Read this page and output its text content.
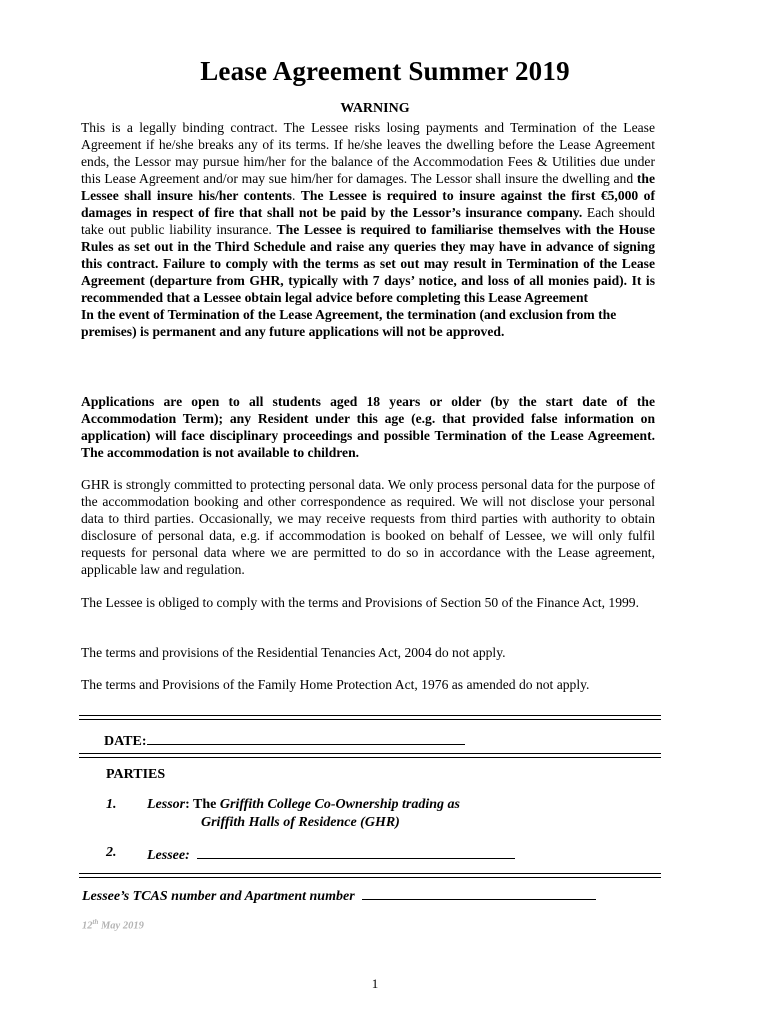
Lease Agreement Summer 2019
WARNING

This is a legally binding contract. The Lessee risks losing payments and Termination of the Lease Agreement if he/she breaks any of its terms. If he/she leaves the dwelling before the Lease Agreement ends, the Lessor may pursue him/her for the balance of the Accommodation Fees & Utilities due under this Lease Agreement and/or may sue him/her for damages. The Lessor shall insure the dwelling and the Lessee shall insure his/her contents. The Lessee is required to insure against the first €5,000 of damages in respect of fire that shall not be paid by the Lessor’s insurance company. Each should take out public liability insurance. The Lessee is required to familiarise themselves with the House Rules as set out in the Third Schedule and raise any queries they may have in advance of signing this contract. Failure to comply with the terms as set out may result in Termination of the Lease Agreement (departure from GHR, typically with 7 days’ notice, and loss of all monies paid). It is recommended that a Lessee obtain legal advice before completing this Lease Agreement

In the event of Termination of the Lease Agreement, the termination (and exclusion from the premises) is permanent and any future applications will not be approved.

Applications are open to all students aged 18 years or older (by the start date of the Accommodation Term); any Resident under this age (e.g. that provided false information on application) will face disciplinary proceedings and possible Termination of the Lease Agreement. The accommodation is not available to children.
GHR is strongly committed to protecting personal data. We only process personal data for the purpose of the accommodation booking and other correspondence as required. We will not disclose your personal data to third parties. Occasionally, we may receive requests from third parties with authority to obtain disclosure of personal data, e.g. if accommodation is booked on behalf of Lessee, we will only fulfil requests for personal data where we are permitted to do so in accordance with the Lease agreement, applicable law and regulation.
The Lessee is obliged to comply with the terms and Provisions of Section 50 of the Finance Act, 1999.
The terms and provisions of the Residential Tenancies Act, 2004 do not apply.
The terms and Provisions of the Family Home Protection Act, 1976 as amended do not apply.
DATE:
PARTIES
1. Lessor: The Griffith College Co-Ownership trading as
Griffith Halls of Residence (GHR)
2. Lessee:
Lessee’s TCAS number and Apartment number
12th May 2019
1
